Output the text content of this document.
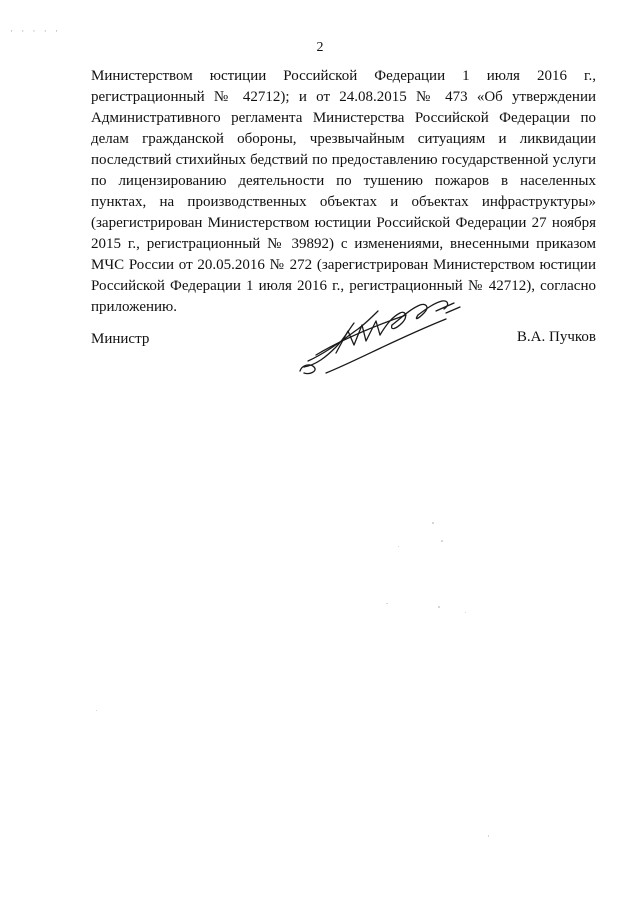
· · · · ·
2

Министерством юстиции Российской Федерации 1 июля 2016 г., регистрационный № 42712); и от 24.08.2015 № 473 «Об утверждении Административного регламента Министерства Российской Федерации по делам гражданской обороны, чрезвычайным ситуациям и ликвидации последствий стихийных бедствий по предоставлению государственной услуги по лицензированию деятельности по тушению пожаров в населенных пунктах, на производственных объектах и объектах инфраструктуры» (зарегистрирован Министерством юстиции Российской Федерации 27 ноября 2015 г., регистрационный № 39892) с изменениями, внесенными приказом МЧС России от 20.05.2016 № 272 (зарегистрирован Министерством юстиции Российской Федерации 1 июля 2016 г., регистрационный № 42712), согласно приложению.

Министр	В.А. Пучков
